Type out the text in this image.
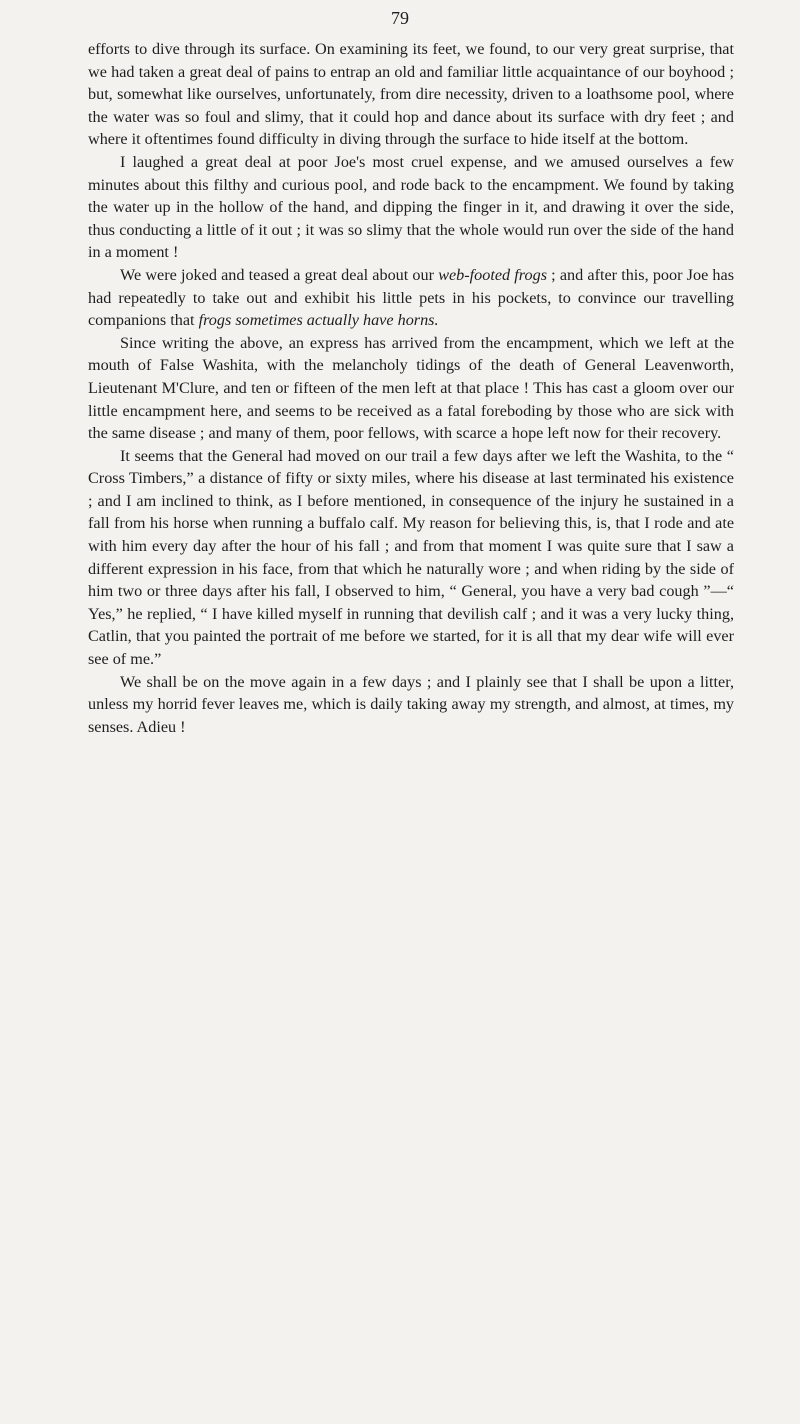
79

efforts to dive through its surface. On examining its feet, we found, to our very great surprise, that we had taken a great deal of pains to entrap an old and familiar little acquaintance of our boyhood ; but, somewhat like ourselves, unfortunately, from dire necessity, driven to a loathsome pool, where the water was so foul and slimy, that it could hop and dance about its surface with dry feet ; and where it oftentimes found difficulty in diving through the surface to hide itself at the bottom.

I laughed a great deal at poor Joe's most cruel expense, and we amused ourselves a few minutes about this filthy and curious pool, and rode back to the encampment. We found by taking the water up in the hollow of the hand, and dipping the finger in it, and drawing it over the side, thus conducting a little of it out ; it was so slimy that the whole would run over the side of the hand in a moment !

We were joked and teased a great deal about our web-footed frogs ; and after this, poor Joe has had repeatedly to take out and exhibit his little pets in his pockets, to convince our travelling companions that frogs sometimes actually have horns.

Since writing the above, an express has arrived from the encampment, which we left at the mouth of False Washita, with the melancholy tidings of the death of General Leavenworth, Lieutenant M'Clure, and ten or fifteen of the men left at that place ! This has cast a gloom over our little encampment here, and seems to be received as a fatal foreboding by those who are sick with the same disease ; and many of them, poor fellows, with scarce a hope left now for their recovery.

It seems that the General had moved on our trail a few days after we left the Washita, to the “ Cross Timbers,” a distance of fifty or sixty miles, where his disease at last terminated his existence ; and I am inclined to think, as I before mentioned, in consequence of the injury he sustained in a fall from his horse when running a buffalo calf. My reason for believing this, is, that I rode and ate with him every day after the hour of his fall ; and from that moment I was quite sure that I saw a different expression in his face, from that which he naturally wore ; and when riding by the side of him two or three days after his fall, I observed to him, “ General, you have a very bad cough ”—“ Yes,” he replied, “ I have killed myself in running that devilish calf ; and it was a very lucky thing, Catlin, that you painted the portrait of me before we started, for it is all that my dear wife will ever see of me.”

We shall be on the move again in a few days ; and I plainly see that I shall be upon a litter, unless my horrid fever leaves me, which is daily taking away my strength, and almost, at times, my senses. Adieu !
